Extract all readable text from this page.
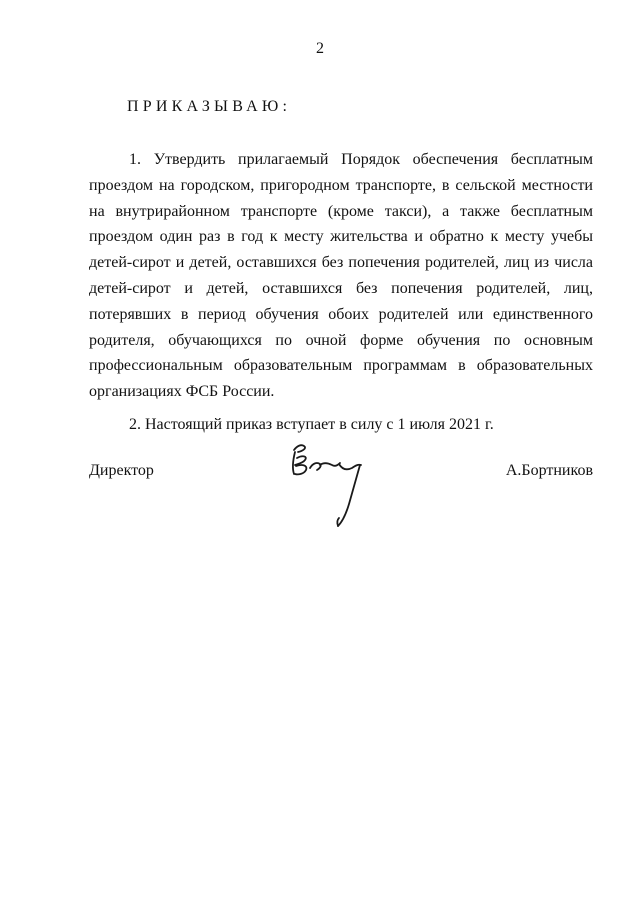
2
ПРИКАЗЫВАЮ:

1. Утвердить прилагаемый Порядок обеспечения бесплатным проездом на городском, пригородном транспорте, в сельской местности на внутрирайонном транспорте (кроме такси), а также бесплатным проездом один раз в год к месту жительства и обратно к месту учебы детей-сирот и детей, оставшихся без попечения родителей, лиц из числа детей-сирот и детей, оставшихся без попечения родителей, лиц, потерявших в период обучения обоих родителей или единственного родителя, обучающихся по очной форме обучения по основным профессиональным образовательным программам в образовательных организациях ФСБ России.

2. Настоящий приказ вступает в силу с 1 июля 2021 г.

Директор	А.Бортников
